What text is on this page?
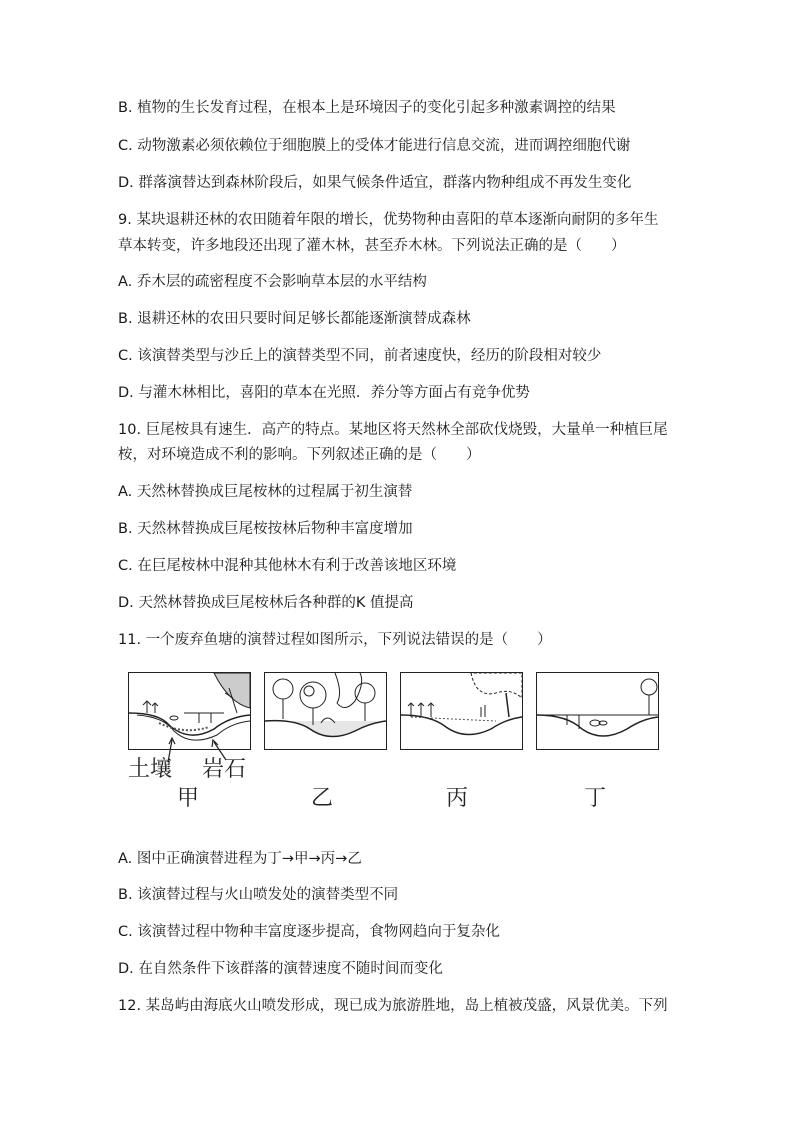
B. 植物的生长发育过程，在根本上是环境因子的变化引起多种激素调控的结果
C. 动物激素必须依赖位于细胞膜上的受体才能进行信息交流，进而调控细胞代谢
D. 群落演替达到森林阶段后，如果气候条件适宜，群落内物种组成不再发生变化
9. 某块退耕还林的农田随着年限的增长，优势物种由喜阳的草本逐渐向耐阴的多年生
草本转变，许多地段还出现了灌木林，甚至乔木林。下列说法正确的是（　　）
A. 乔木层的疏密程度不会影响草本层的水平结构
B. 退耕还林的农田只要时间足够长都能逐渐演替成森林
C. 该演替类型与沙丘上的演替类型不同，前者速度快，经历的阶段相对较少
D. 与灌木林相比，喜阳的草本在光照．养分等方面占有竞争优势
10. 巨尾桉具有速生．高产的特点。某地区将天然林全部砍伐烧毁，大量单一种植巨尾
桉，对环境造成不利的影响。下列叙述正确的是（　　）
A. 天然林替换成巨尾桉林的过程属于初生演替
B. 天然林替换成巨尾桉按林后物种丰富度增加
C. 在巨尾桉林中混种其他林木有利于改善该地区环境
D. 天然林替换成巨尾桉林后各种群的K 值提高
11. 一个废弃鱼塘的演替过程如图所示，下列说法错误的是（　　）
A. 图中正确演替进程为丁→甲→丙→乙
B. 该演替过程与火山喷发处的演替类型不同
C. 该演替过程中物种丰富度逐步提高，食物网趋向于复杂化
D. 在自然条件下该群落的演替速度不随时间而变化
12. 某岛屿由海底火山喷发形成，现已成为旅游胜地，岛上植被茂盛，风景优美。下列
土壤 岩石
甲	乙	丙	丁
